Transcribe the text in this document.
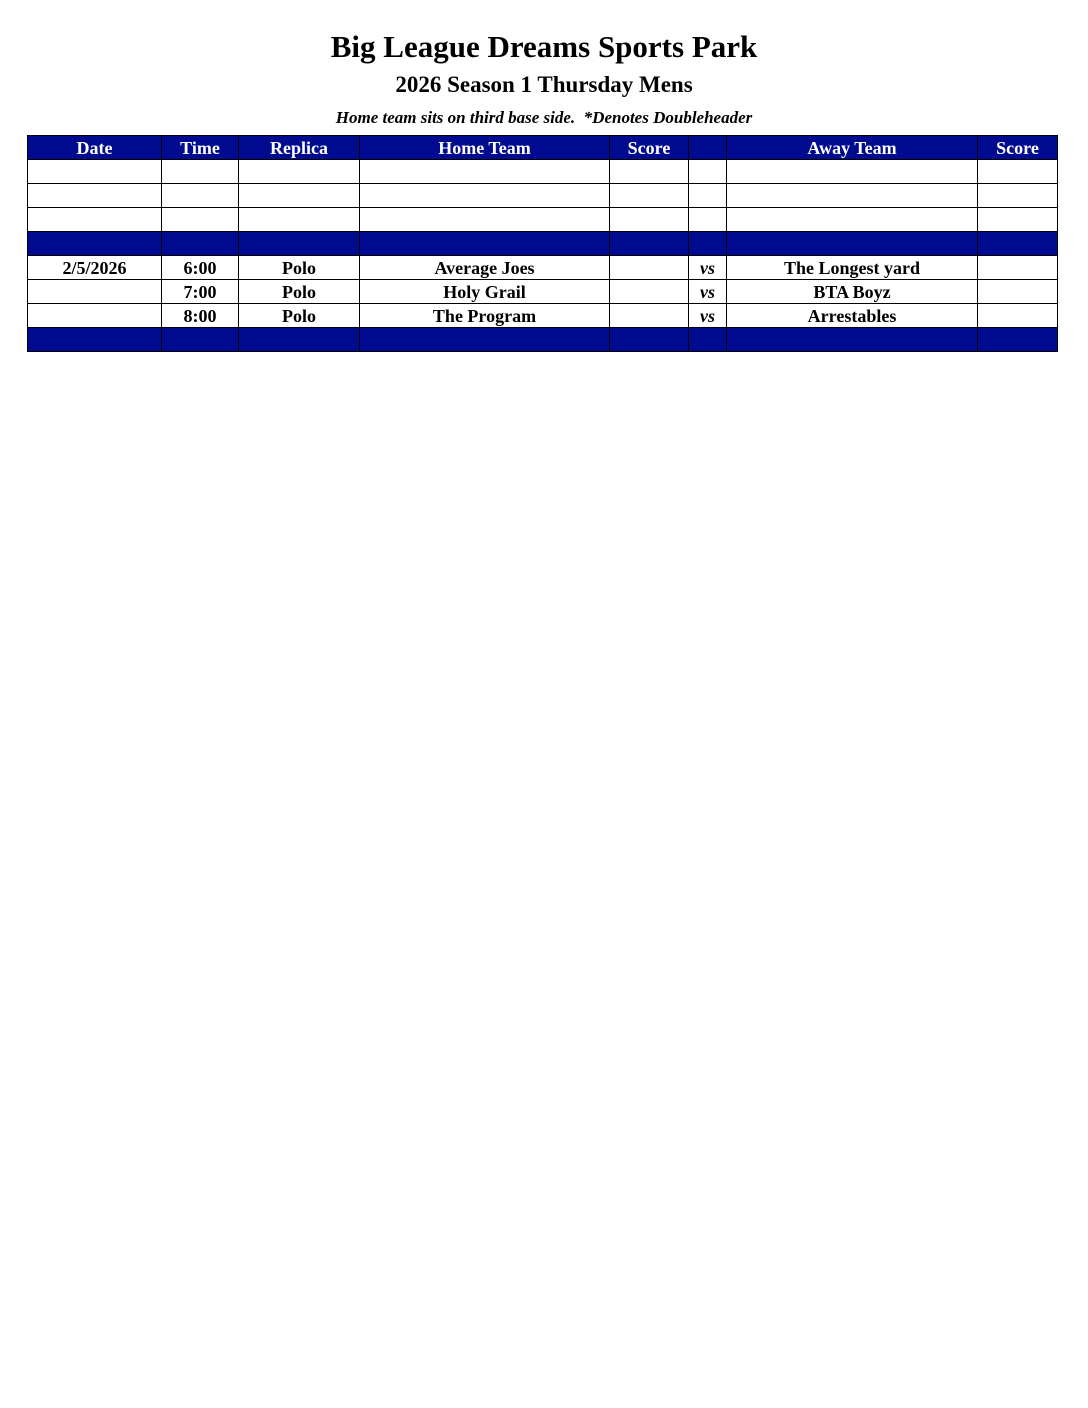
Big League Dreams Sports Park
2026 Season 1 Thursday Mens
Home team sits on third base side.  *Denotes Doubleheader
Date	Time	Replica	Home Team	Score		Away Team	Score

2/5/2026	6:00	Polo	Average Joes		vs	The Longest yard	
	7:00	Polo	Holy Grail		vs	BTA Boyz	
	8:00	Polo	The Program		vs	Arrestables	
